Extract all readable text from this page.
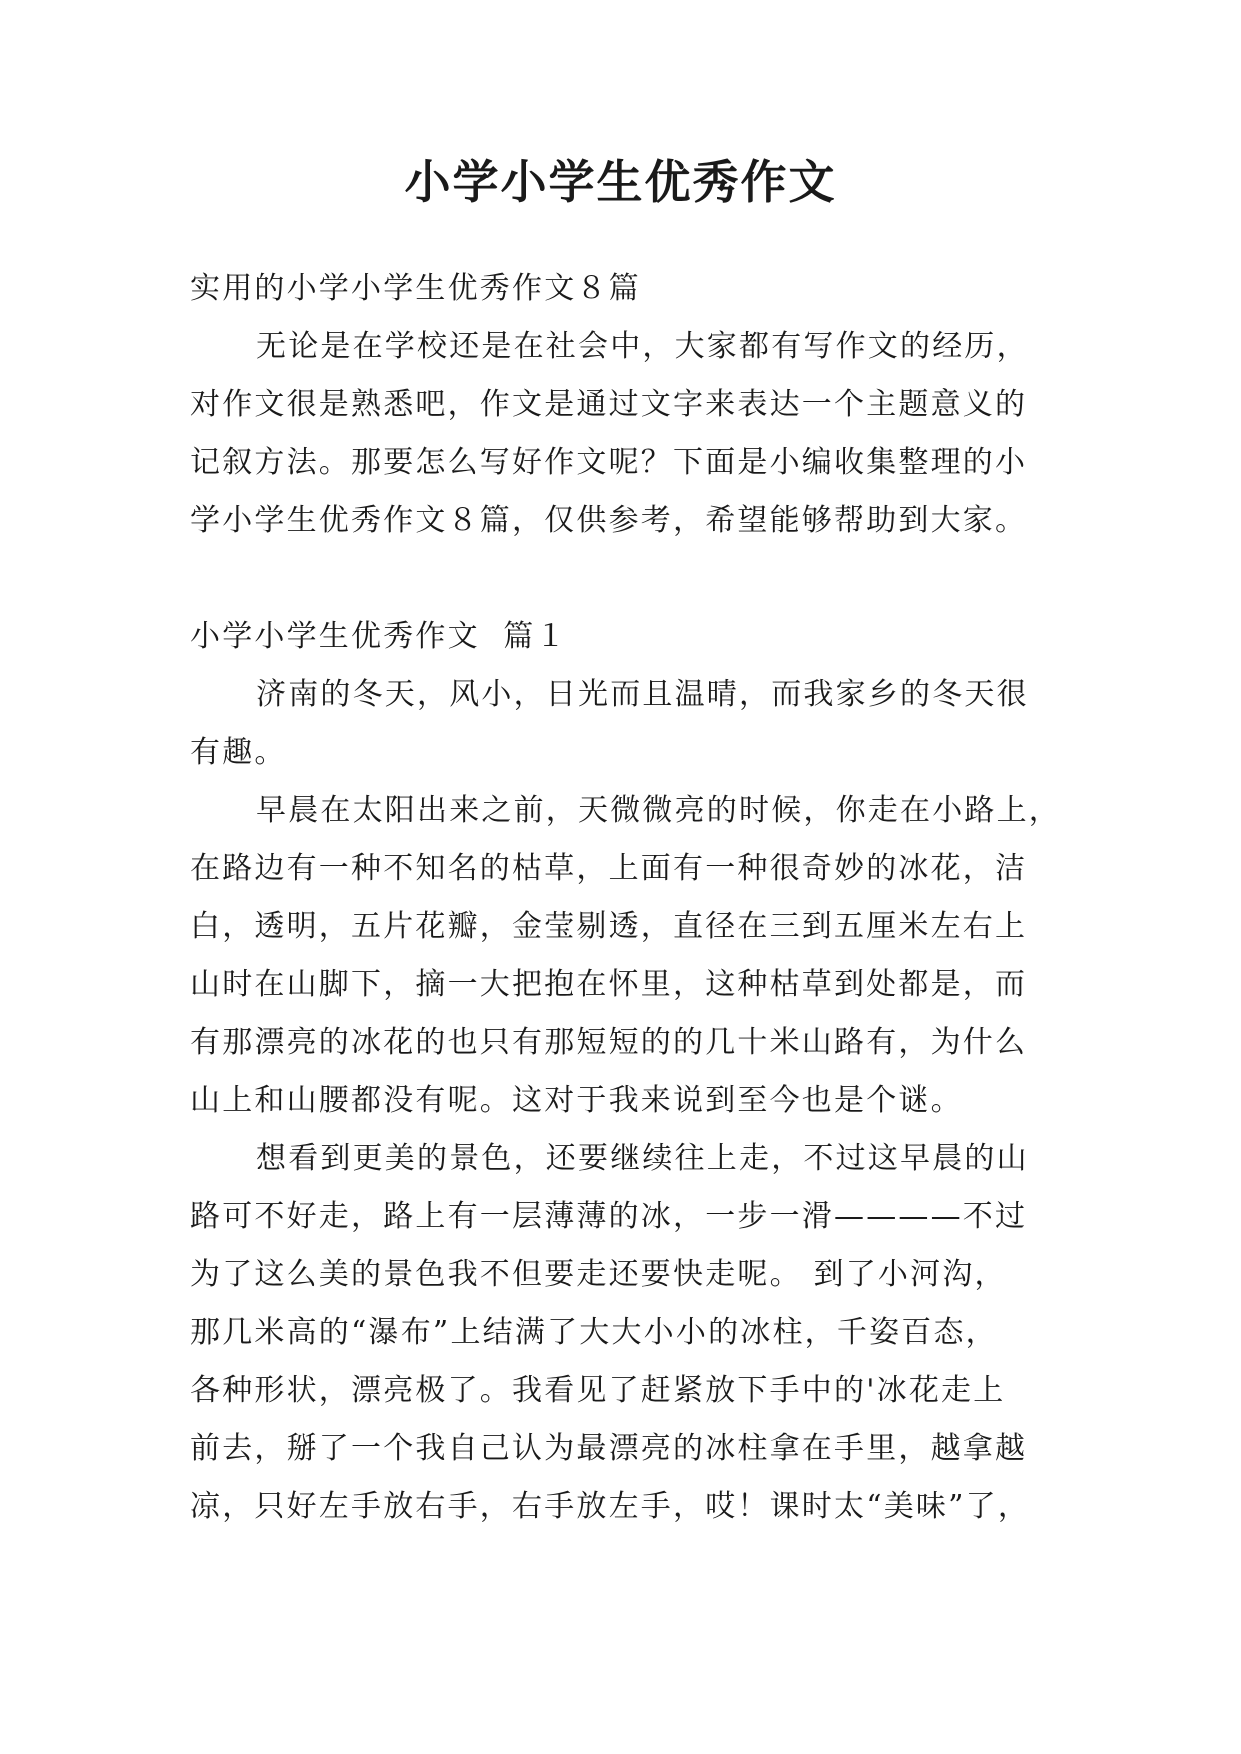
小学小学生优秀作文

实用的小学小学生优秀作文８篇

无论是在学校还是在社会中，大家都有写作文的经历，

对作文很是熟悉吧，作文是通过文字来表达一个主题意义的

记叙方法。那要怎么写好作文呢？下面是小编收集整理的小

学小学生优秀作文８篇，仅供参考，希望能够帮助到大家。

小学小学生优秀作文  篇１

济南的冬天，风小，日光而且温晴，而我家乡的冬天很

有趣。

早晨在太阳出来之前，天微微亮的时候，你走在小路上，

在路边有一种不知名的枯草，上面有一种很奇妙的冰花，洁

白，透明，五片花瓣，金莹剔透，直径在三到五厘米左右上

山时在山脚下，摘一大把抱在怀里，这种枯草到处都是，而

有那漂亮的冰花的也只有那短短的的几十米山路有，为什么

山上和山腰都没有呢。这对于我来说到至今也是个谜。

想看到更美的景色，还要继续往上走，不过这早晨的山

路可不好走，路上有一层薄薄的冰，一步一滑————不过

为了这么美的景色我不但要走还要快走呢。 到了小河沟，

那几米高的“瀑布”上结满了大大小小的冰柱，千姿百态，

各种形状，漂亮极了。我看见了赶紧放下手中的'冰花走上

前去，掰了一个我自己认为最漂亮的冰柱拿在手里，越拿越

凉，只好左手放右手，右手放左手，哎！课时太“美味”了，
